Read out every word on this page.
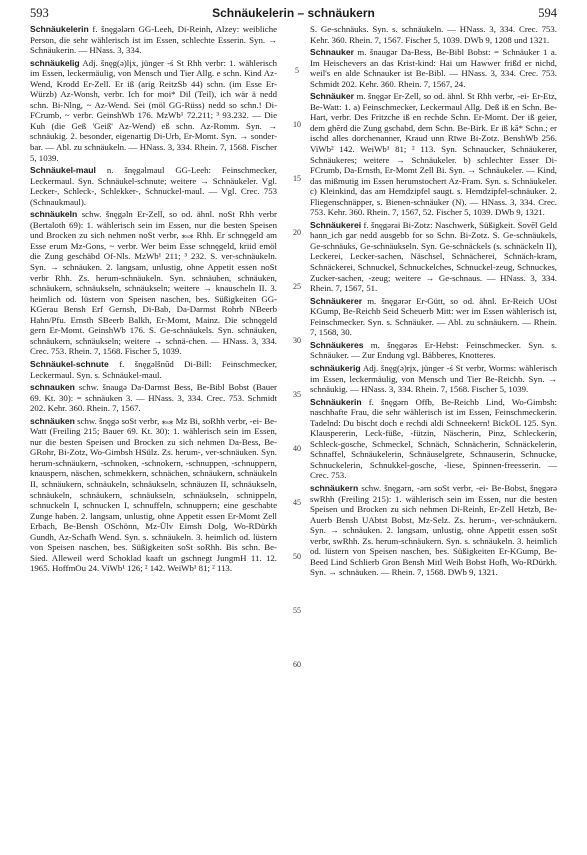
593	Schnäukelerin – schnäukern	594

Schnäukelerin f. šnęgələrn GG-Leeh, Di-Reinh, Alzey: weibliche Person, die sehr wählerisch ist im Essen, schlechte Esserin. Syn. → Schnäukerin. — HNass. 3, 334.

schnäukelig Adj. šnęg(ə)lįx, jünger -ś St Rhh verbr: 1. wählerisch im Essen, leckermäulig, von Mensch und Tier Allg. e schn. Kind Az-Wend, Krodd Er-Zell. Er iß (arig ReitzSb 44) schn. (im Esse Er-Würzb) Az-Wonsh, verbr. Ich for moi* Dil (Teil), ich wär ä nedd schn. Bi-Nlng, ~ Az-Wend. Sei (möl GG-Rüss) nedd so schn.! Di-FCrumb, ~ verbr. GeinshWb 176. MzWb¹ 72.211; ³ 93.232. — Die Kuh (die Geß 'Geiß' Az-Wend) eß schn. Az-Romm. Syn. → schnäukig. 2. besonder, eigenartig Di-Urb, Er-Momt. Syn. → sonder-bar. — Abl. zu schnäukeln. — HNass. 3, 334. Rhein. 7, 1568. Fischer 5, 1039.

Schnäukel-maul n. šnęgəlmaul GG-Leeh: Feinschmecker, Leckermaul. Syn. Schnäukel-schnute; weitere → Schnäukeler. Vgl. Lecker-, Schleck-, Schlekker-, Schnuckel-maul. — Vgl. Crec. 753 (Schnaukmaul).

schnäukeln schw. šnęgəln Er-Zell, so od. ähnl. noSt Rhh verbr (Bertaloth 69): 1. wählerisch sein im Essen, nur die besten Speisen und Brocken zu sich nehmen noSt verbr, ⁎ₛ⁎ Rhh. Er schnęgeld am Esse erum Mz-Gons, ~ verbr. Wer beim Esse schnęgeld, kriid emöl die Zung geschäbd Of-Nls. MzWb¹ 211; ³ 232. S. ver-schnäukeln. Syn. → schnäuken. 2. langsam, unlustig, ohne Appetit essen noSt verbr Rhh. Zs. herum-schnäukeln. Syn. schnäuben, schnäuken, schnäukern, schnäukseln, schnäukseln; weitere → knauscheln II. 3. heimlich od. lüstern von Speisen naschen, bes. Süßigkeiten GG-KGerau Bensh Erf Gernsh, Di-Bab, Da-Darmst Rohrb NBeerb Hahn/Pfu. Ernsth SBeerb Balkh, Er-Momt, Mainz. Die schnęgeld gern Er-Momt. GeinshWb 176. S. Ge-schnäukels. Syn. schnäuken, schnäukern, schnäukseln; weitere → schnä-chen. — HNass. 3, 334. Crec. 753. Rhein. 7, 1568. Fischer 5, 1039.

Schnäukel-schnute f. šnęgəlšnūd Di-Bill: Feinschmecker, Leckermaul. Syn. s. Schnäukel-maul.

schnauken schw. šnaugə Da-Darmst Bess, Be-Bibl Bobst (Bauer 69. Kt. 30): = schnäuken 3. — HNass. 3, 334. Crec. 753. Schmidt 202. Kehr. 360. Rhein. 7, 1567.

schnäuken schw. šnęgə soSt verbr, ⁎ₛ⁎ Mz Bi, soRhh verbr, -ei- Be-Watt (Freiling 215; Bauer 69. Kt. 30): 1. wählerisch sein im Essen, nur die besten Speisen und Brocken zu sich nehmen Da-Bess, Be-GRohr, Bi-Zotz, Wo-Gimbsh HSülz. Zs. herum-, ver-schnäuken. Syn. herum-schnäukern, -schnoken, -schnokern, -schnuppen, -schnuppern, knauspern, näschen, schmekkern, schnächen, schnäukern, schnäukeln II, schnäukern, schnäukeln, schnäukseln, schnäuzen II, schnäukseln, schnäukeln, schnäukern, schnäukseln, schnäukseln, schnippeln, schnuckeln I, schnucken I, schnuffeln, schnuppern; eine geschabte Zunge haben. 2. langsam, unlustig, ohne Appetit essen Er-Momt Zell Erbach, Be-Bensh OSchönn, Mz-Ülv Eimsh Dolg, Wo-RDürkh Gundh, Az-Schafh Wend. Syn. s. schnäukeln. 3. heimlich od. lüstern von Speisen naschen, bes. Süßigkeiten soSt soRhh. Bis schn. Be-Sied. Alleweil werd Schoklad kaaft un gschnegt JungmH 11. 12. 1965. HoffmOu 24. ViWb¹ 126; ² 142. WeiWb¹ 81; ² 113.

5
10
15
20
25
30
35
40
45
50
55
60

S. Ge-schnäuks. Syn. s. schnäukeln. — HNass. 3, 334. Crec. 753. Kehr. 360. Rhein. 7, 1567. Fischer 5, 1039. DWb 9, 1208 und 1321.

Schnauker m. šnaugər Da-Bess, Be-Bibl Bobst: = Schnäuker 1 a. Im Heischevers an das Krist-kind: Hai um Hawwer frißd er nichd, weil's en alde Schnauker ist Be-Bibl. — HNass. 3, 334. Crec. 753. Schmidt 202. Kehr. 360. Rhein. 7, 1567, 24.

Schnäuker m. šnęgər Er-Zell, so od. ähnl. St Rhh verbr, -ei- Er-Etz, Be-Watt: 1. a) Feinschmecker, Leckermaul Allg. Deß iß en Schn. Be-Hart, verbr. Des Fritzche iß en rechde Schn. Er-Momt. Der iß geier, dem ghērd die Zung gschabd, dem Schn. Be-Birk. Er iß kā* Schn.; er ischd alles dorchenanner, Kraud unn Rīwe Bi-Zotz. BenshWb 256. ViWb² 142. WeiWb¹ 81; ² 113. Syn. Schnaucker, Schnäukerer, Schnäukeres; weitere → Schnäukeler. b) schlechter Esser Di-FCrumb, Da-Ernsth, Er-Momt Zell Bi. Syn. → Schnäukeler. — Kind, das mißmutig im Essen herumstochert Az-Fram. Syn. s. Schnäukeler. c) Kleinkind, das am Hemdzipfel saugt. s. Hemdzipfel-schnäuker. 2. Fliegenschnäpper, s. Bienen-schnäuker (N). — HNass. 3, 334. Crec. 753. Kehr. 360. Rhein. 7, 1567, 52. Fischer 5, 1039. DWb 9, 1321.

Schnäukerei f. šnęgərai Bi-Zotz: Naschwerk, Süßigkeit. Sovēl Geld hann_ich gar nedd ausgebb for so Schn. Bi-Zotz. S. Ge-schnäukels, Ge-schnäuks, Ge-schnäukseln. Syn. Ge-schnäckels (s. schnäckeln II), Leckerei, Lecker-sachen, Näschsel, Schnächerei, Schnäch-kram, Schnäckerei, Schnuckel, Schnuckelches, Schnuckel-zeug, Schnuckes, Zucker-sachen, -zeug; weitere → Ge-schnaus. — HNass. 3, 334. Rhein. 7, 1567, 51.

Schnäukerer m. šnęgərər Er-Gütt, so od. ähnl. Er-Reich UOst KGump, Be-Reichb Seid Scheuerb Mitt: wer im Essen wählerisch ist, Feinschmecker. Syn. s. Schnäuker. — Abl. zu schnäukern. — Rhein. 7, 1568, 30.

Schnäukeres m. šnęgərəs Er-Hebst: Feinschmecker. Syn. s. Schnäuker. — Zur Endung vgl. Bäbberes, Knotteres.

schnäukerig Adj. šnęg(ə)rįx, jünger -ś St verbr, Worms: wählerisch im Essen, leckermäulig, von Mensch und Tier Be-Reichb. Syn. → schnäukig. — HNass. 3, 334. Rhein. 7, 1568. Fischer 5, 1039.

Schnäukerin f. šnęgərn Offb, Be-Reichb Lind, Wo-Gimbsh: naschhafte Frau, die sehr wählerisch ist im Essen, Feinschmeckerin. Tadelnd: Du bischt doch e rechdi aldi Schneekern! BickOL 125. Syn. Klauspererin, Leck-füße, -fützin, Näscherin, Pinz, Schleckerin, Schleck-gosche, Schmeckel, Schnäch, Schnächerin, Schnäckelerin, Schnaffel, Schnäukelerin, Schnäuselgrete, Schnauserin, Schnucke, Schnuckelerin, Schnukkel-gosche, -liese, Spinnen-freesserin. — Crec. 753.

schnäukern schw. šnęgərn, -ərn soSt verbr, -ei- Be-Bobst, šnęgərə swRhh (Freiling 215): 1. wählerisch sein im Essen, nur die besten Speisen und Brocken zu sich nehmen Di-Reinh, Er-Zell Hetzb, Be-Auerb Bensh UAbtst Bobst, Mz-Selz. Zs. herum-, ver-schnäukern. Syn. → schnäuken. 2. langsam, unlustig, ohne Appetit essen soSt verbr, swRhh. Zs. herum-schnäukern. Syn. s. schnäukeln. 3. heimlich od. lüstern von Speisen naschen, bes. Süßigkeiten Er-KGump, Be-Beed Lind Schlierb Gron Bensh Mitl Weih Bobst Hofh, Wo-RDürkh. Syn. → schnäuken. — Rhein. 7, 1568. DWb 9, 1321.
